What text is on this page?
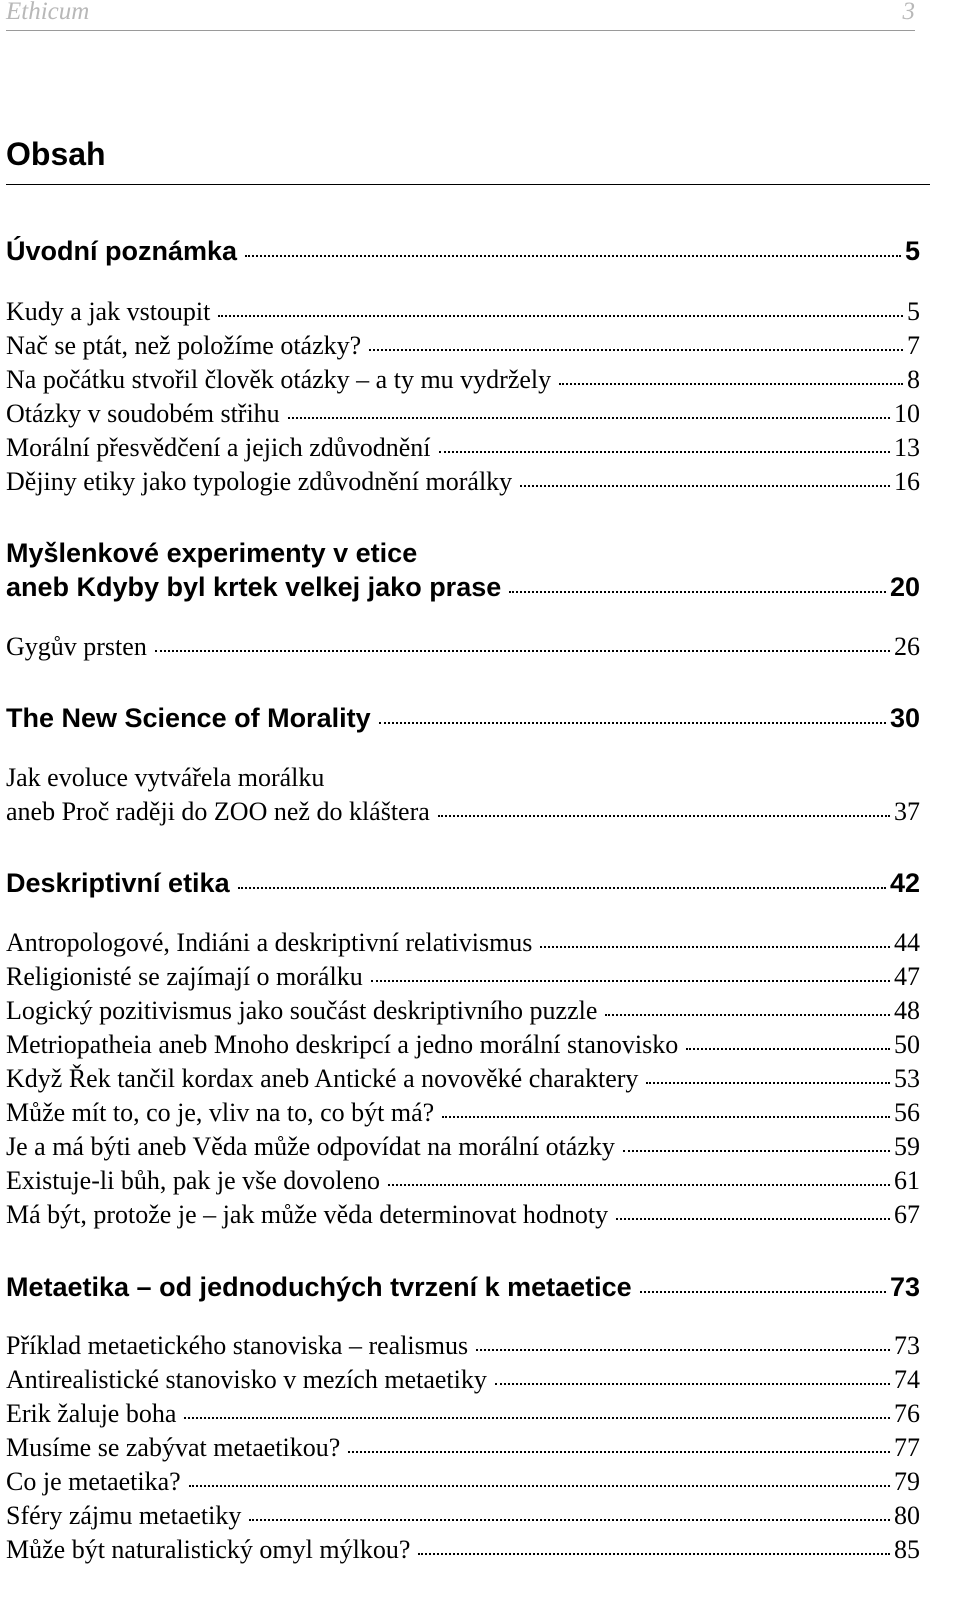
Ethicum	3
Obsah
Úvodní poznámka	5
Kudy a jak vstoupit	5
Nač se ptát, než položíme otázky?	7
Na počátku stvořil člověk otázky – a ty mu vydržely	8
Otázky v soudobém střihu	10
Morální přesvědčení a jejich zdůvodnění	13
Dějiny etiky jako typologie zdůvodnění morálky	16
Myšlenkové experimenty v etice
aneb Kdyby byl krtek velkej jako prase	20
Gygův prsten	26
The New Science of Morality	30
Jak evoluce vytvářela morálku
aneb Proč raději do ZOO než do kláštera	37
Deskriptivní etika	42
Antropologové, Indiáni a deskriptivní relativismus	44
Religionisté se zajímají o morálku	47
Logický pozitivismus jako součást deskriptivního puzzle	48
Metriopatheia aneb Mnoho deskripcí a jedno morální stanovisko	50
Když Řek tančil kordax aneb Antické a novověké charaktery	53
Může mít to, co je, vliv na to, co být má?	56
Je a má býti aneb Věda může odpovídat na morální otázky	59
Existuje-li bůh, pak je vše dovoleno	61
Má být, protože je – jak může věda determinovat hodnoty	67
Metaetika – od jednoduchých tvrzení k metaetice	73
Příklad metaetického stanoviska – realismus	73
Antirealistické stanovisko v mezích metaetiky	74
Erik žaluje boha	76
Musíme se zabývat metaetikou?	77
Co je metaetika?	79
Sféry zájmu metaetiky	80
Může být naturalistický omyl mýlkou?	85
